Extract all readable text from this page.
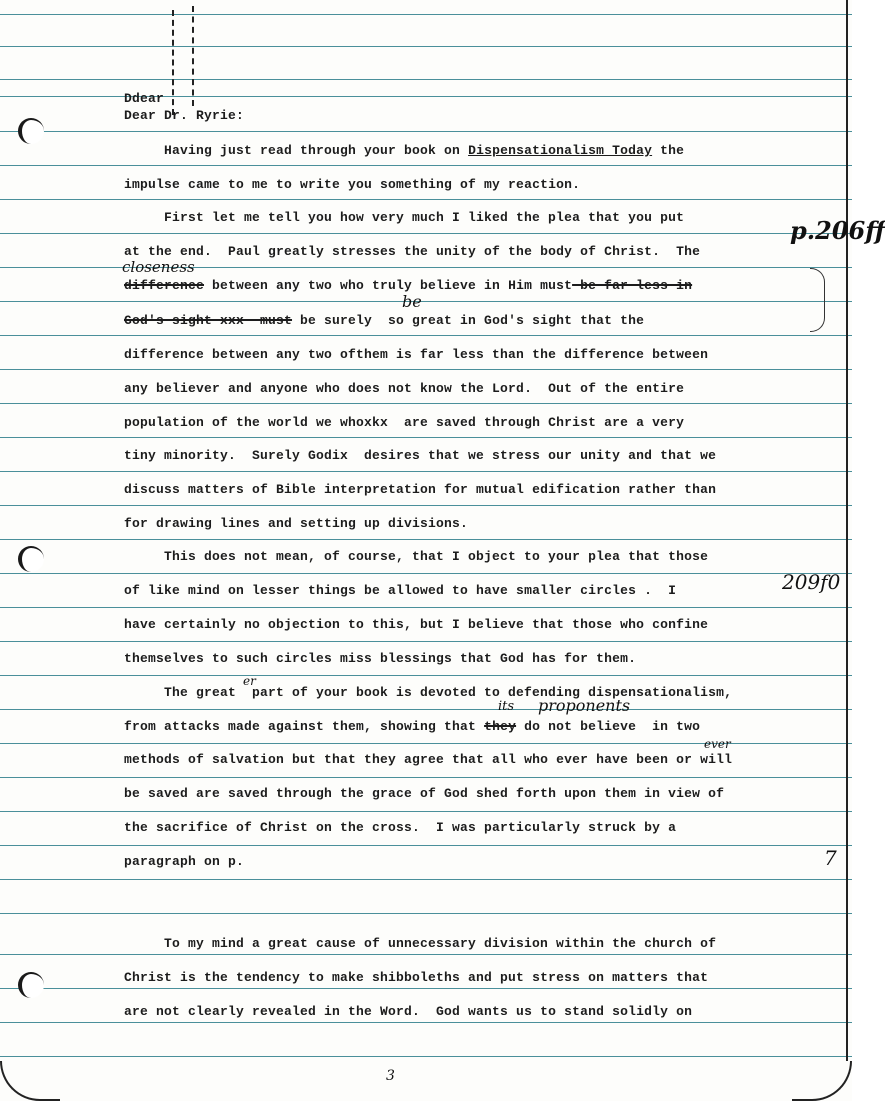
Ddear
Dear Dr. Ryrie:
Having just read through your book on Dispensationalism Today the
impulse came to me to write you something of my reaction.
First let me tell you how very much I liked the plea that you put
at the end.  Paul greatly stresses the unity of the body of Christ.  The
difference between any two who truly believe in Him must be far less in
God's sight xxx  must be surely  so great in God's sight that the
difference between any two ofthem is far less than the difference between
any believer and anyone who does not know the Lord.  Out of the entire
population of the world we whoxkx  are saved through Christ are a very
tiny minority.  Surely Godix  desires that we stress our unity and that we
discuss matters of Bible interpretation for mutual edification rather than
for drawing lines and setting up divisions.
This does not mean, of course, that I object to your plea that those
of like mind on lesser things be allowed to have smaller circles .  I
have certainly no objection to this, but I believe that those who confine
themselves to such circles miss blessings that God has for them.
The great  part of your book is devoted to defending dispensationalism,
from attacks made against them, showing that they do not believe  in two
methods of salvation but that they agree that all who ever have been or will
be saved are saved through the grace of God shed forth upon them in view of
the sacrifice of Christ on the cross.  I was particularly struck by a
paragraph on p.
To my mind a great cause of unnecessary division within the church of
Christ is the tendency to make shibboleths and put stress on matters that
are not clearly revealed in the Word.  God wants us to stand solidly on
closeness
be
its proponents
er
ever
p.206ff
209f0
7
3
